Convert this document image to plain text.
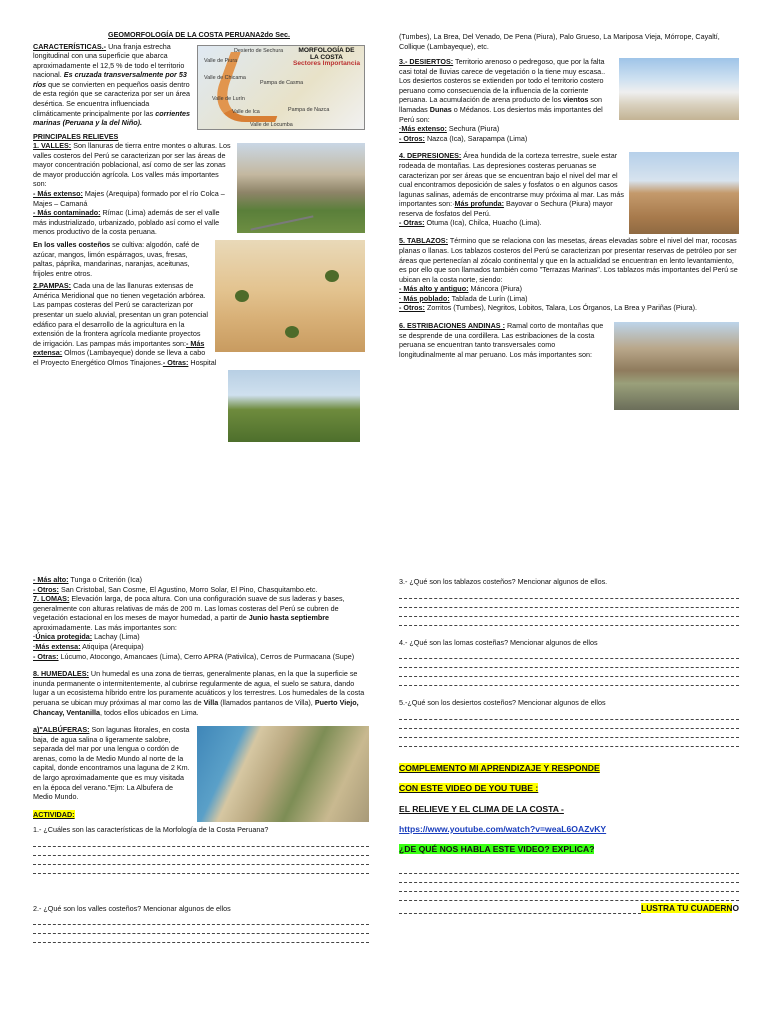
GEOMORFOLOGÍA DE LA COSTA PERUANA2do Sec.

MORFOLOGÍA DE
LA COSTA
Sectores Importancia
Desierto de Sechura
Valle de Piura
Valle de Chicama
Pampa de Casma
Valle de Lurín
Valle de Ica	Pampa de Nazca
Valle de Locumba

CARACTERÍSTICAS.- Una franja estrecha longitudinal con una superficie que abarca aproximadamente el 12,5 % de todo el territorio nacional. Es cruzada transversalmente por 53 ríos que se convierten en pequeños oasis dentro de esta región que se caracteriza por ser un área desértica. Se encuentra influenciada climáticamente principalmente por las corrientes marinas (Peruana y la del Niño).

PRINCIPALES RELIEVES

1. VALLES: Son llanuras de tierra entre montes o alturas. Los valles costeros del Perú se caracterizan por ser las áreas de mayor concentración poblacional, así como de ser las zonas de mayor producción agrícola. Los valles más importantes son:
- Más extenso: Majes (Arequipa) formado por el río Colca – Majes – Camaná
- Más contaminado: Rímac (Lima) además de ser el valle más industrializado, urbanizado, poblado así como el valle menos productivo de la costa peruana.

En los valles costeños se cultiva: algodón, café de azúcar, mangos, limón espárragos, uvas, fresas, paltas, páprika, mandarinas, naranjas, aceitunas, frijoles entre otros.

2.PAMPAS: Cada una de las llanuras extensas de América Meridional que no tienen vegetación arbórea. Las pampas costeras del Perú se caracterizan por presentar un suelo aluvial, presentan un gran potencial edáfico para el desarrollo de la agricultura en la extensión de la frontera agrícola mediante proyectos de irrigación. Las pampas más importantes son:- Más extensa: Olmos (Lambayeque) donde se lleva a cabo el Proyecto Energético Olmos Tinajones.- Otras: Hospital

(Tumbes), La Brea, Del Venado, De Pena (Piura), Palo Grueso, La Mariposa Vieja, Mórrope, Cayaltí, Collique (Lambayeque), etc.

3.- DESIERTOS: Territorio arenoso o pedregoso, que por la falta casi total de lluvias carece de vegetación o la tiene muy escasa.. Los desiertos costeros se extienden por todo el territorio costero peruano como consecuencia de la influencia de la corriente peruana. La acumulación de arena producto de los vientos son llamadas Dunas o Médanos. Los desiertos más importantes del Perú son:
·Más extenso: Sechura (Piura)
- Otros: Nazca (Ica), Sarapampa (Lima)

4. DEPRESIONES: Área hundida de la corteza terrestre, suele estar rodeada de montañas. Las depresiones costeras peruanas se caracterizan por ser áreas que se encuentran bajo el nivel del mar el cual encontramos deposición de sales y fosfatos o en algunos casos lagunas salinas, además de encontrarse muy próxima al mar. Las más importantes son:·Más profunda: Bayovar o Sechura (Piura) mayor reserva de fosfatos del Perú.
- Otras: Otuma (Ica), Chilca, Huacho (Lima).

5. TABLAZOS: Término que se relaciona con las mesetas, áreas elevadas sobre el nivel del mar, rocosas planas o llanas. Los tablazos costeros del Perú se caracterizan por presentar reservas de petróleo por ser áreas que pertenecían al zócalo continental y que en la actualidad se encuentran en lento levantamiento, es por ello que son llamados también como "Terrazas Marinas". Los tablazos más importantes del Perú se ubican en la costa norte, siendo:
- Más alto y antiguo: Máncora (Piura)
· Más poblado: Tablada de Lurín (Lima)
- Otros: Zorritos (Tumbes), Negritos, Lobitos, Talara, Los Órganos, La Brea y Pariñas (Piura).

6. ESTRIBACIONES ANDINAS : Ramal corto de montañas que se desprende de una cordillera. Las estribaciones de la costa peruana se encuentran tanto transversales como longitudinalmente al mar peruano. Los más importantes son:

- Más alto: Tunga o Criterión (Ica)
- Otros: San Cristobal, San Cosme, El Agustino, Morro Solar, El Pino, Chasquitambo.etc.
7. LOMAS: Elevación larga, de poca altura. Con una configuración suave de sus laderas y bases, generalmente con alturas relativas de más de 200 m. Las lomas costeras del Perú se cubren de vegetación estacional en los meses de mayor humedad, a partir de Junio hasta septiembre aproximadamente. Las más importantes son:
·Única protegida: Lachay (Lima)
·Más extensa: Atiquipa (Arequipa)
- Otras: Lúcumo, Atocongo, Amancaes (Lima), Cerro APRA (Pativilca), Cerros de Purmacana (Supe)

8. HUMEDALES: Un humedal es una zona de tierras, generalmente planas, en la que la superficie se inunda permanente o intermitentemente, al cubrirse regularmente de agua, el suelo se satura, dando lugar a un ecosistema híbrido entre los puramente acuáticos y los terrestres. Los humedales de la costa peruana se ubican muy próximas al mar como las de Villa (llamados pantanos de Villa), Puerto Viejo, Chancay, Ventanilla, todos ellos ubicados en Lima.

a)"ALBÚFERAS: Son lagunas litorales, en costa baja, de agua salina o ligeramente salobre, separada del mar por una lengua o cordón de arenas, como la de Medio Mundo al norte de la capital, donde encontramos una laguna de 2 Km. de largo aproximadamente que es muy visitada en la época del verano."Ejm: La Albufera de Medio Mundo.

ACTIVIDAD:

1.- ¿Cuáles son las características de la Morfología de la Costa Peruana?

2.- ¿Qué son los valles costeños? Mencionar algunos de ellos

3.- ¿Qué son los tablazos costeños? Mencionar algunos de ellos.

4.- ¿Qué son las lomas costeñas? Mencionar algunos de ellos

5.-¿Qué son los desiertos costeños? Mencionar algunos de ellos

COMPLEMENTO MI APRENDIZAJE Y RESPONDE

CON ESTE VIDEO DE YOU TUBE :

EL RELIEVE Y EL CLIMA DE LA COSTA -

https://www.youtube.com/watch?v=weaL6OAZvKY

¿DE QUÉ NOS HABLA ESTE VIDEO? EXPLICA?

LUSTRA TU CUADERNO
